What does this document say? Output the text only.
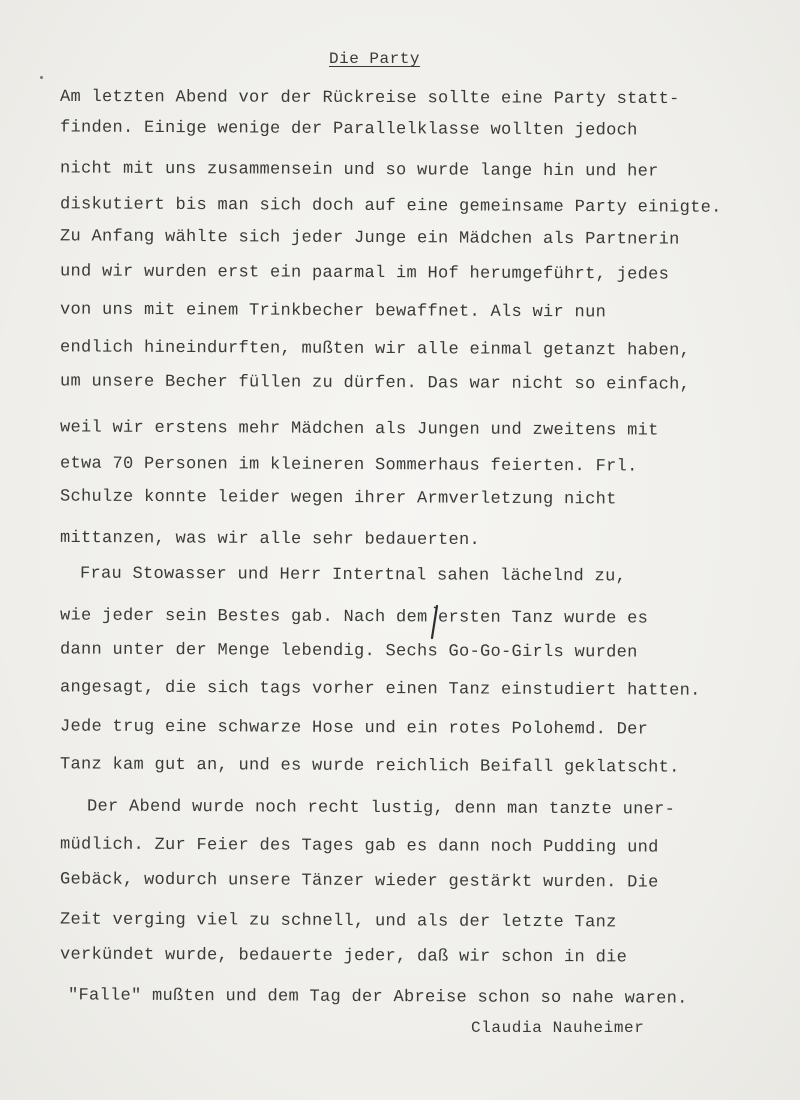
Die Party
Am letzten Abend vor der Rückreise sollte eine Party statt-
finden. Einige wenige der Parallelklasse wollten jedoch
nicht mit uns zusammensein und so wurde lange hin und her
diskutiert bis man sich doch auf eine gemeinsame Party einigte.
Zu Anfang wählte sich jeder Junge ein Mädchen als Partnerin
und wir wurden erst ein paarmal im Hof herumgeführt, jedes
von uns mit einem Trinkbecher bewaffnet. Als wir nun
endlich hineindurften, mußten wir alle einmal getanzt haben,
um unsere Becher füllen zu dürfen. Das war nicht so einfach,
weil wir erstens mehr Mädchen als Jungen und zweitens mit
etwa 70 Personen im kleineren Sommerhaus feierten. Frl.
Schulze konnte leider wegen ihrer Armverletzung nicht
mittanzen, was wir alle sehr bedauerten.
Frau Stowasser und Herr Intertnal sahen lächelnd zu,
wie jeder sein Bestes gab. Nach dem ersten Tanz wurde es
dann unter der Menge lebendig. Sechs Go-Go-Girls wurden
angesagt, die sich tags vorher einen Tanz einstudiert hatten.
Jede trug eine schwarze Hose und ein rotes Polohemd. Der
Tanz kam gut an, und es wurde reichlich Beifall geklatscht.
Der Abend wurde noch recht lustig, denn man tanzte uner-
müdlich. Zur Feier des Tages gab es dann noch Pudding und
Gebäck, wodurch unsere Tänzer wieder gestärkt wurden. Die
Zeit verging viel zu schnell, und als der letzte Tanz
verkündet wurde, bedauerte jeder, daß wir schon in die
"Falle" mußten und dem Tag der Abreise schon so nahe waren.
Claudia Nauheimer
